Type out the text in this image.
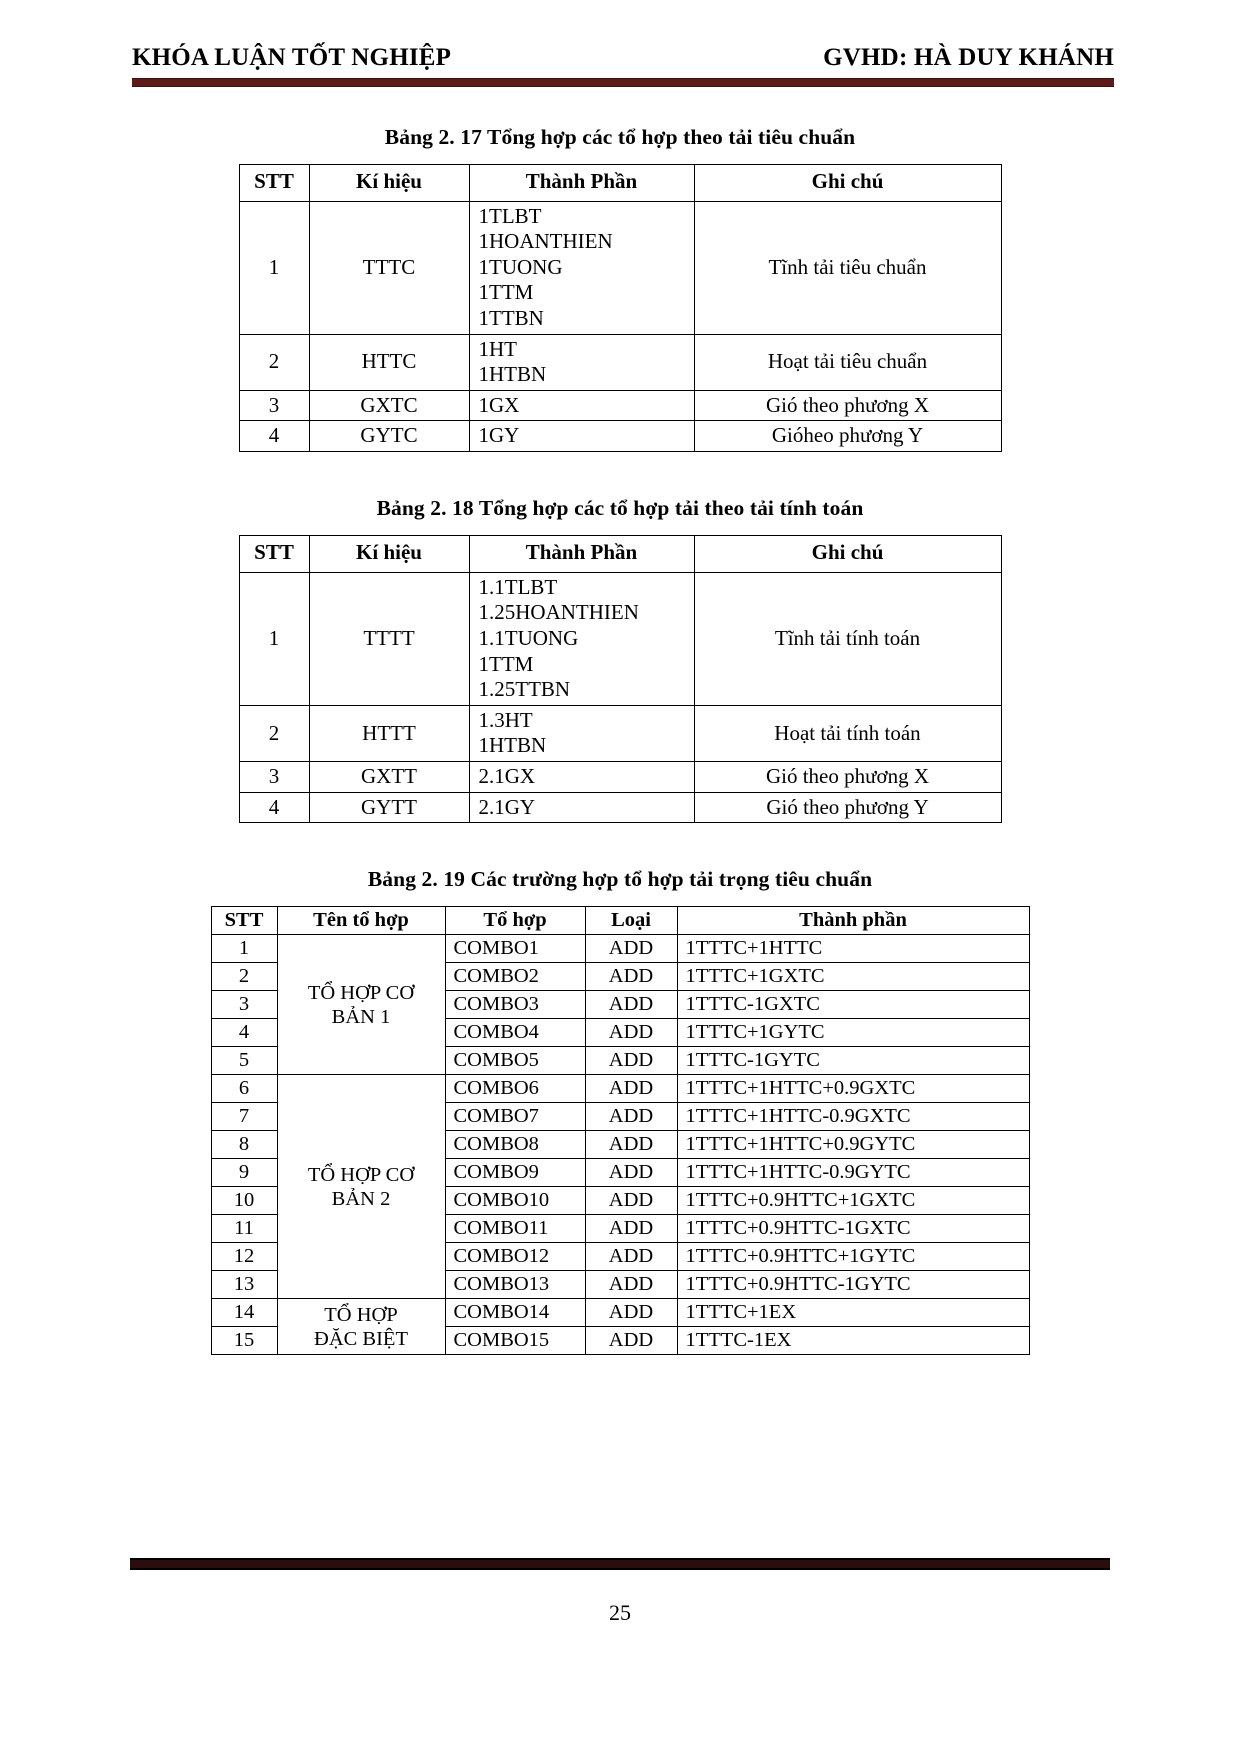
KHÓA LUẬN TỐT NGHIỆP	GVHD: HÀ DUY KHÁNH
Bảng 2. 17 Tổng hợp các tổ hợp theo tải tiêu chuẩn
STT	Kí hiệu	Thành Phần	Ghi chú
1	TTTC	1TLBT
1HOANTHIEN
1TUONG
1TTM
1TTBN	Tĩnh tải tiêu chuẩn
2	HTTC	1HT
1HTBN	Hoạt tải tiêu chuẩn
3	GXTC	1GX	Gió theo phương X
4	GYTC	1GY	Gióheo phương Y
Bảng 2. 18 Tổng hợp các tổ hợp tải theo tải tính toán
STT	Kí hiệu	Thành Phần	Ghi chú
1	TTTT	1.1TLBT
1.25HOANTHIEN
1.1TUONG
1TTM
1.25TTBN	Tĩnh tải tính toán
2	HTTT	1.3HT
1HTBN	Hoạt tải tính toán
3	GXTT	2.1GX	Gió theo phương X
4	GYTT	2.1GY	Gió theo phương Y
Bảng 2. 19 Các trường hợp tổ hợp tải trọng tiêu chuẩn
STT	Tên tổ hợp	Tổ hợp	Loại	Thành phần
1	TỔ HỢP CƠ
BẢN 1	COMBO1	ADD	1TTTC+1HTTC
2		COMBO2	ADD	1TTTC+1GXTC
3		COMBO3	ADD	1TTTC-1GXTC
4		COMBO4	ADD	1TTTC+1GYTC
5		COMBO5	ADD	1TTTC-1GYTC
6	TỔ HỢP CƠ
BẢN 2	COMBO6	ADD	1TTTC+1HTTC+0.9GXTC
7		COMBO7	ADD	1TTTC+1HTTC-0.9GXTC
8		COMBO8	ADD	1TTTC+1HTTC+0.9GYTC
9		COMBO9	ADD	1TTTC+1HTTC-0.9GYTC
10		COMBO10	ADD	1TTTC+0.9HTTC+1GXTC
11		COMBO11	ADD	1TTTC+0.9HTTC-1GXTC
12		COMBO12	ADD	1TTTC+0.9HTTC+1GYTC
13		COMBO13	ADD	1TTTC+0.9HTTC-1GYTC
14	TỔ HỢP
ĐẶC BIỆT	COMBO14	ADD	1TTTC+1EX
15		COMBO15	ADD	1TTTC-1EX
25
